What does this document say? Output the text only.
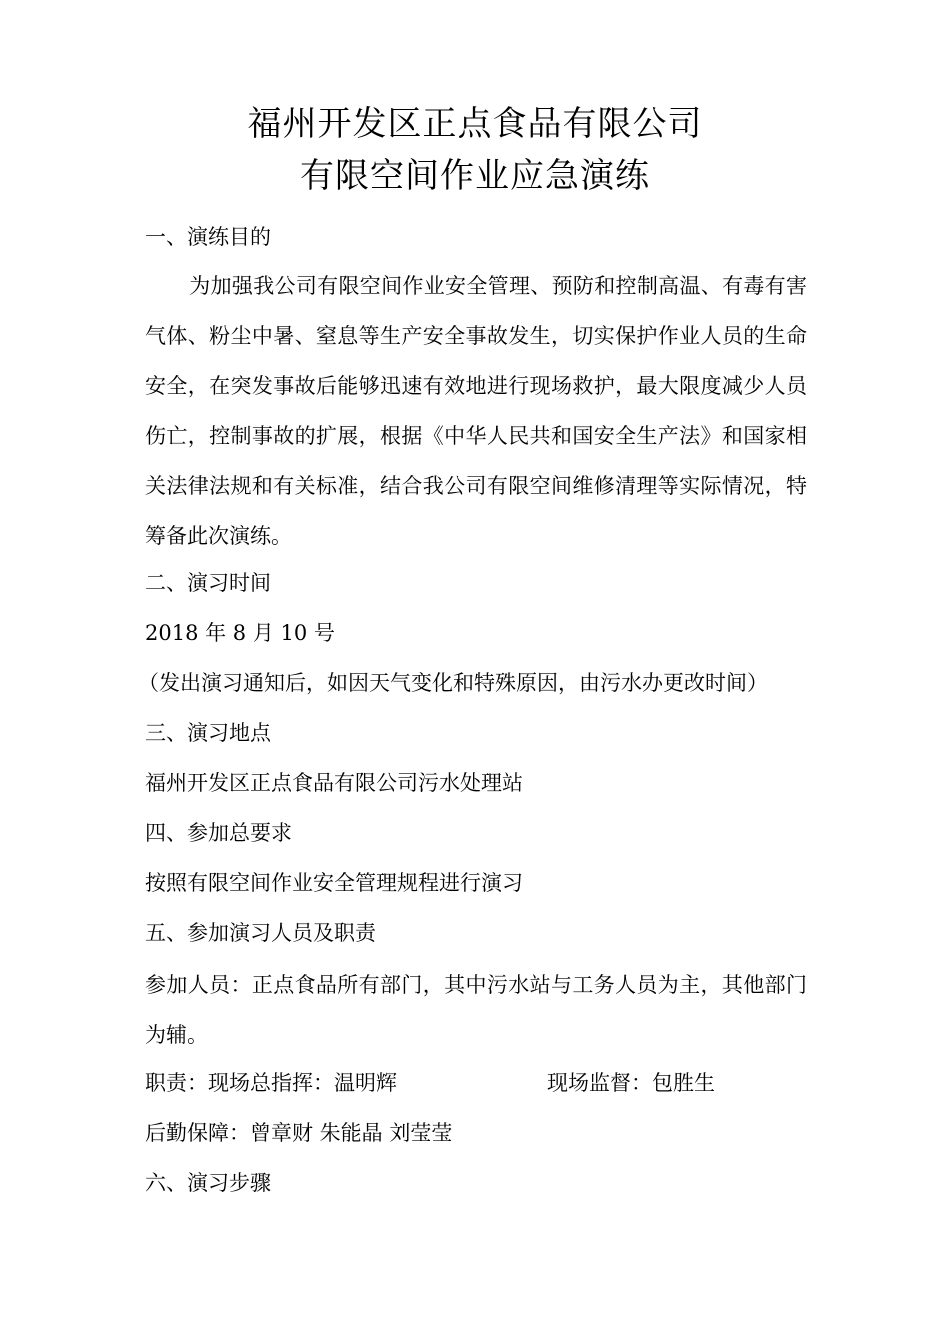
福州开发区正点食品有限公司
有限空间作业应急演练
一、演练目的
为加强我公司有限空间作业安全管理、预防和控制高温、有毒有害气体、粉尘中暑、窒息等生产安全事故发生，切实保护作业人员的生命安全，在突发事故后能够迅速有效地进行现场救护，最大限度减少人员伤亡，控制事故的扩展，根据《中华人民共和国安全生产法》和国家相关法律法规和有关标准，结合我公司有限空间维修清理等实际情况，特筹备此次演练。
二、演习时间
2018 年 8 月 10 号
（发出演习通知后，如因天气变化和特殊原因，由污水办更改时间）
三、演习地点
福州开发区正点食品有限公司污水处理站
四、参加总要求
按照有限空间作业安全管理规程进行演习
五、参加演习人员及职责
参加人员：正点食品所有部门，其中污水站与工务人员为主，其他部门为辅。
职责：现场总指挥：温明辉	现场监督：包胜生
后勤保障：曾章财 朱能晶 刘莹莹
六、演习步骤
